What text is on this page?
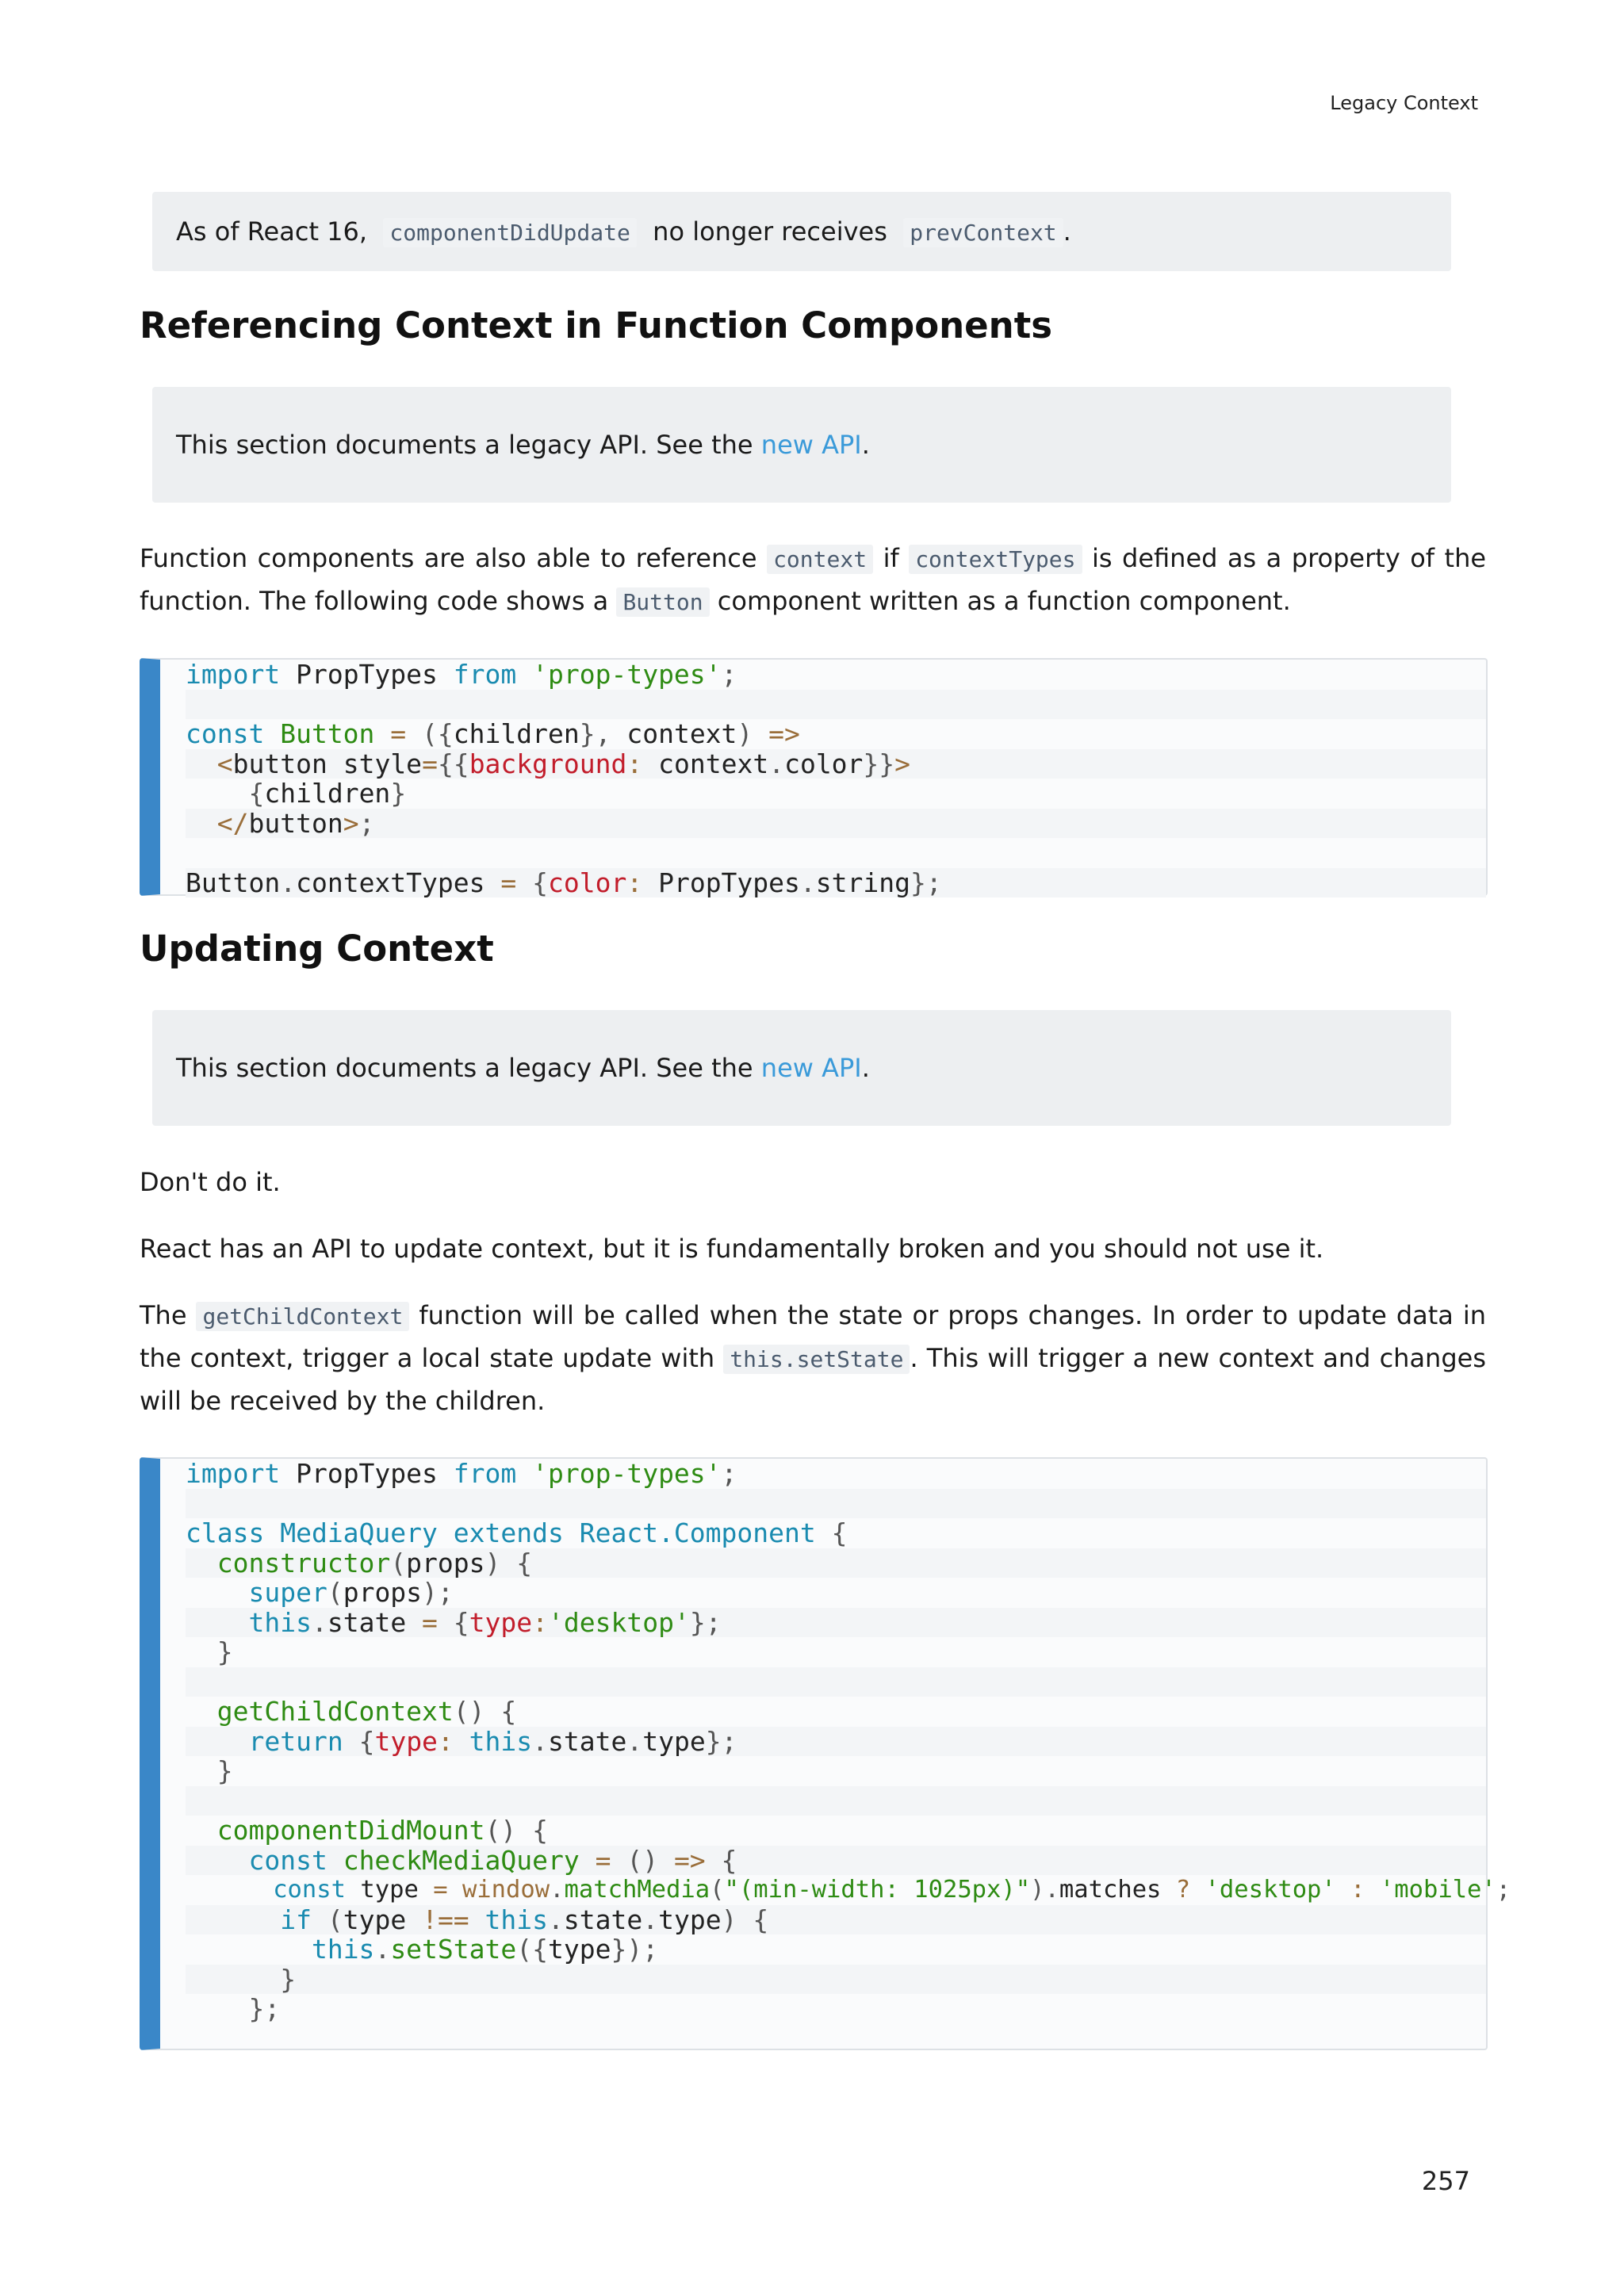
Legacy Context
As of React 16, componentDidUpdate no longer receives prevContext .
Referencing Context in Function Components
This section documents a legacy API. See the new API.

Function components are also able to reference context if contextTypes is defined as a property of the function. The following code shows a Button component written as a function component.

import PropTypes from 'prop-types';
const Button = ({children}, context) =>
<button style={{background: context.color}}>
{children}
</button>;
Button.contextTypes = {color: PropTypes.string};
Updating Context
This section documents a legacy API. See the new API.

Don't do it.

React has an API to update context, but it is fundamentally broken and you should not use it.

The getChildContext function will be called when the state or props changes. In order to update data in the context, trigger a local state update with this.setState . This will trigger a new context and changes will be received by the children.

import PropTypes from 'prop-types';
class MediaQuery extends React.Component {
constructor(props) {
super(props);
this.state = {type:'desktop'};
}
getChildContext() {
return {type: this.state.type};
}
componentDidMount() {
const checkMediaQuery = () => {
const type = window.matchMedia("(min-width: 1025px)").matches ? 'desktop' : 'mobile';
if (type !== this.state.type) {
this.setState({type});
}
};
257
